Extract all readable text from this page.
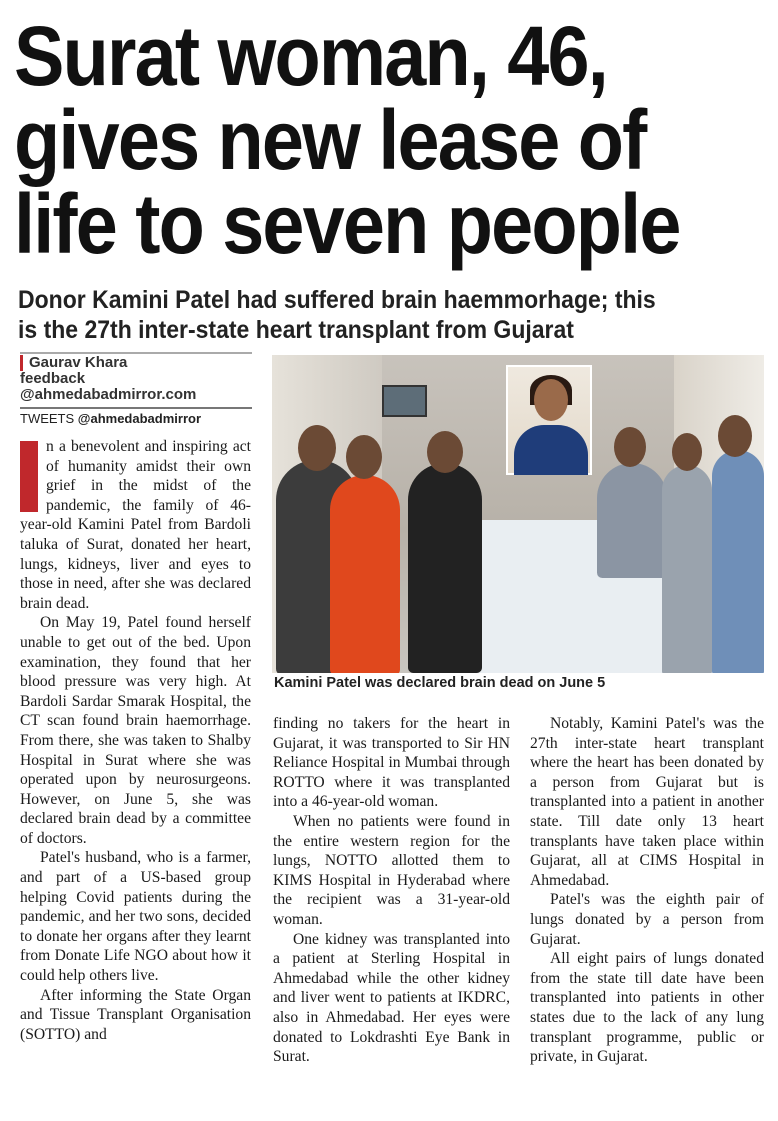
Surat woman, 46,
gives new lease of
life to seven people
Donor Kamini Patel had suffered brain haemmorhage; this
is the 27th inter-state heart transplant from Gujarat
Gaurav Khara
feedback
@ahmedabadmirror.com
TWEETS @ahmedabadmirror
Kamini Patel was declared brain dead on June 5

n a benevolent and inspiring act of humanity amidst their own grief in the midst of the pandemic, the family of 46-year-old Kamini Patel from Bardoli taluka of Surat, donated her heart, lungs, kidneys, liver and eyes to those in need, after she was declared brain dead.

On May 19, Patel found herself unable to get out of the bed. Upon examination, they found that her blood pressure was very high. At Bardoli Sardar Smarak Hospital, the CT scan found brain haemorrhage. From there, she was taken to Shalby Hospital in Surat where she was operated upon by neurosurgeons. However, on June 5, she was declared brain dead by a committee of doctors.

Patel's husband, who is a farmer, and part of a US-based group helping Covid patients during the pandemic, and her two sons, decided to donate her organs after they learnt from Donate Life NGO about how it could help others live.

After informing the State Organ and Tissue Transplant Organisation (SOTTO) and

finding no takers for the heart in Gujarat, it was transported to Sir HN Reliance Hospital in Mumbai through ROTTO where it was transplanted into a 46-year-old woman.

When no patients were found in the entire western region for the lungs, NOTTO allotted them to KIMS Hospital in Hyderabad where the recipient was a 31-year-old woman.

One kidney was transplanted into a patient at Sterling Hospital in Ahmedabad while the other kidney and liver went to patients at IKDRC, also in Ahmedabad. Her eyes were donated to Lokdrashti Eye Bank in Surat.

Notably, Kamini Patel's was the 27th inter-state heart transplant where the heart has been donated by a person from Gujarat but is transplanted into a patient in another state. Till date only 13 heart transplants have taken place within Gujarat, all at CIMS Hospital in Ahmedabad.

Patel's was the eighth pair of lungs donated by a person from Gujarat.

All eight pairs of lungs donated from the state till date have been transplanted into patients in other states due to the lack of any lung transplant programme, public or private, in Gujarat.
